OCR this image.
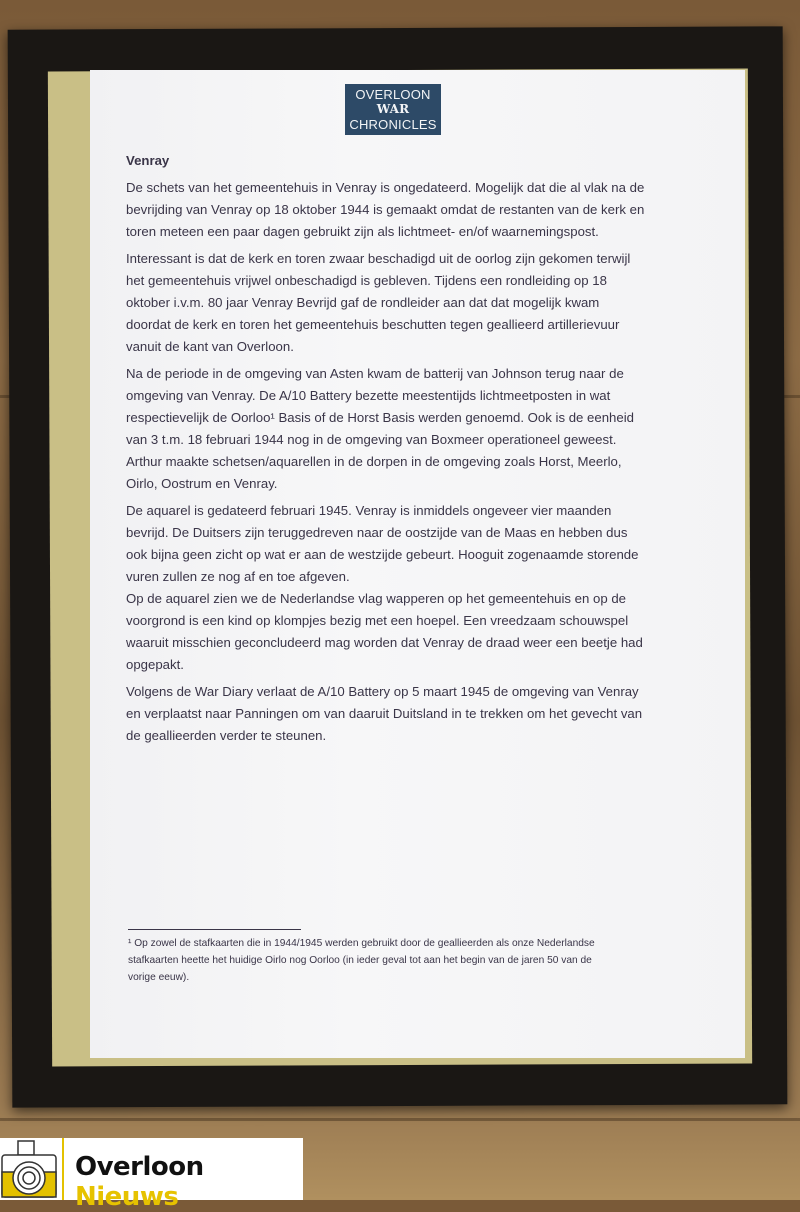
OVERLOON
WAR
CHRONICLES
Venray
De schets van het gemeentehuis in Venray is ongedateerd. Mogelijk dat die al vlak na de
bevrijding van Venray op 18 oktober 1944 is gemaakt omdat de restanten van de kerk en
toren meteen een paar dagen gebruikt zijn als lichtmeet- en/of waarnemingspost.
Interessant is dat de kerk en toren zwaar beschadigd uit de oorlog zijn gekomen terwijl
het gemeentehuis vrijwel onbeschadigd is gebleven. Tijdens een rondleiding op 18
oktober i.v.m. 80 jaar Venray Bevrijd gaf de rondleider aan dat dat mogelijk kwam
doordat de kerk en toren het gemeentehuis beschutten tegen geallieerd artillerievuur
vanuit de kant van Overloon.
Na de periode in de omgeving van Asten kwam de batterij van Johnson terug naar de
omgeving van Venray. De A/10 Battery bezette meestentijds lichtmeetposten in wat
respectievelijk de Oorloo¹ Basis of de Horst Basis werden genoemd. Ook is de eenheid
van 3 t.m. 18 februari 1944 nog in de omgeving van Boxmeer operationeel geweest.
Arthur maakte schetsen/aquarellen in de dorpen in de omgeving zoals Horst, Meerlo,
Oirlo, Oostrum en Venray.
De aquarel is gedateerd februari 1945. Venray is inmiddels ongeveer vier maanden
bevrijd. De Duitsers zijn teruggedreven naar de oostzijde van de Maas en hebben dus
ook bijna geen zicht op wat er aan de westzijde gebeurt. Hooguit zogenaamde storende
vuren zullen ze nog af en toe afgeven.
Op de aquarel zien we de Nederlandse vlag wapperen op het gemeentehuis en op de
voorgrond is een kind op klompjes bezig met een hoepel. Een vreedzaam schouwspel
waaruit misschien geconcludeerd mag worden dat Venray de draad weer een beetje had
opgepakt.
Volgens de War Diary verlaat de A/10 Battery op 5 maart 1945 de omgeving van Venray
en verplaatst naar Panningen om van daaruit Duitsland in te trekken om het gevecht van
de geallieerden verder te steunen.
¹ Op zowel de stafkaarten die in 1944/1945 werden gebruikt door de geallieerden als onze Nederlandse
stafkaarten heette het huidige Oirlo nog Oorloo (in ieder geval tot aan het begin van de jaren 50 van de
vorige eeuw).
Overloon Nieuws
